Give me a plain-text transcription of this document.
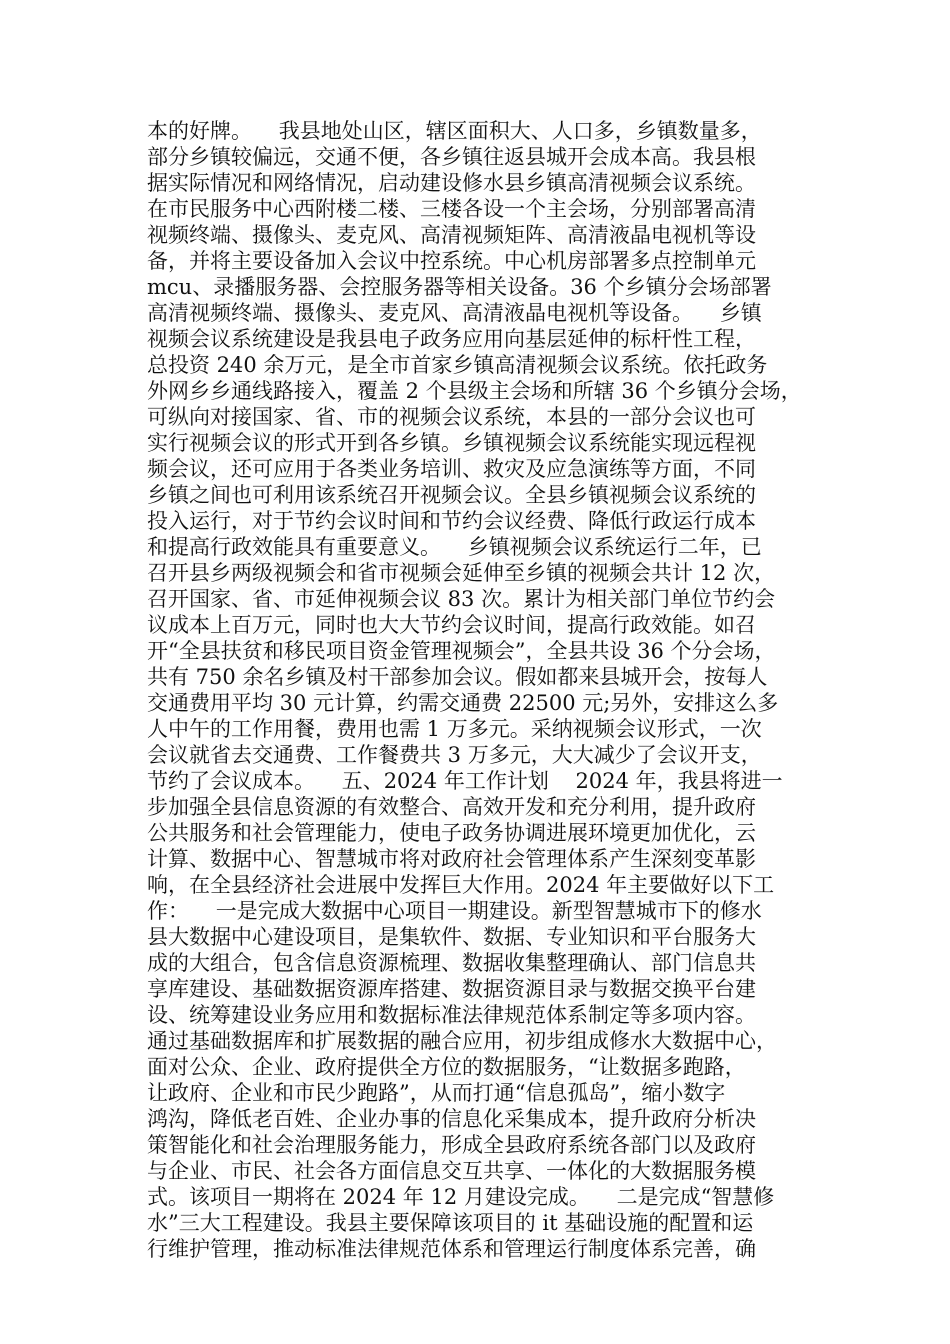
本的好牌。    我县地处山区，辖区面积大、人口多，乡镇数量多，
部分乡镇较偏远，交通不便，各乡镇往返县城开会成本高。我县根
据实际情况和网络情况，启动建设修水县乡镇高清视频会议系统。
在市民服务中心西附楼二楼、三楼各设一个主会场，分别部署高清
视频终端、摄像头、麦克风、高清视频矩阵、高清液晶电视机等设
备，并将主要设备加入会议中控系统。中心机房部署多点控制单元
mcu、录播服务器、会控服务器等相关设备。36 个乡镇分会场部署
高清视频终端、摄像头、麦克风、高清液晶电视机等设备。    乡镇
视频会议系统建设是我县电子政务应用向基层延伸的标杆性工程，
总投资 240 余万元，是全市首家乡镇高清视频会议系统。依托政务
外网乡乡通线路接入，覆盖 2 个县级主会场和所辖 36 个乡镇分会场，
可纵向对接国家、省、市的视频会议系统，本县的一部分会议也可
实行视频会议的形式开到各乡镇。乡镇视频会议系统能实现远程视
频会议，还可应用于各类业务培训、救灾及应急演练等方面，不同
乡镇之间也可利用该系统召开视频会议。全县乡镇视频会议系统的
投入运行，对于节约会议时间和节约会议经费、降低行政运行成本
和提高行政效能具有重要意义。    乡镇视频会议系统运行二年，已
召开县乡两级视频会和省市视频会延伸至乡镇的视频会共计 12 次，
召开国家、省、市延伸视频会议 83 次。累计为相关部门单位节约会
议成本上百万元，同时也大大节约会议时间，提高行政效能。如召
开“全县扶贫和移民项目资金管理视频会”，全县共设 36 个分会场，
共有 750 余名乡镇及村干部参加会议。假如都来县城开会，按每人
交通费用平均 30 元计算，约需交通费 22500 元;另外，安排这么多
人中午的工作用餐，费用也需 1 万多元。采纳视频会议形式，一次
会议就省去交通费、工作餐费共 3 万多元，大大减少了会议开支，
节约了会议成本。    五、2024 年工作计划    2024 年，我县将进一
步加强全县信息资源的有效整合、高效开发和充分利用，提升政府
公共服务和社会管理能力，使电子政务协调进展环境更加优化，云
计算、数据中心、智慧城市将对政府社会管理体系产生深刻变革影
响，在全县经济社会进展中发挥巨大作用。2024 年主要做好以下工
作：    一是完成大数据中心项目一期建设。新型智慧城市下的修水
县大数据中心建设项目，是集软件、数据、专业知识和平台服务大
成的大组合，包含信息资源梳理、数据收集整理确认、部门信息共
享库建设、基础数据资源库搭建、数据资源目录与数据交换平台建
设、统筹建设业务应用和数据标准法律规范体系制定等多项内容。
通过基础数据库和扩展数据的融合应用，初步组成修水大数据中心，
面对公众、企业、政府提供全方位的数据服务，“让数据多跑路，
让政府、企业和市民少跑路”，从而打通“信息孤岛”，缩小数字
鸿沟，降低老百姓、企业办事的信息化采集成本，提升政府分析决
策智能化和社会治理服务能力，形成全县政府系统各部门以及政府
与企业、市民、社会各方面信息交互共享、一体化的大数据服务模
式。该项目一期将在 2024 年 12 月建设完成。    二是完成“智慧修
水”三大工程建设。我县主要保障该项目的 it 基础设施的配置和运
行维护管理，推动标准法律规范体系和管理运行制度体系完善，确
